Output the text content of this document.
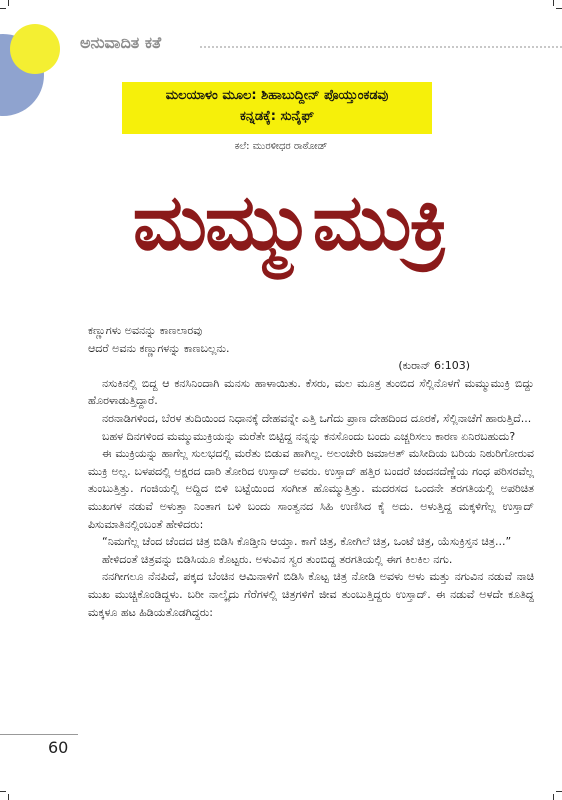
ಅನುವಾದಿತ ಕತೆ
ಮಲಯಾಳಂ ಮೂಲ: ಶಿಹಾಬುದ್ದೀನ್ ಪೊಯ್ತುಂಕಡವು
ಕನ್ನಡಕ್ಕೆ: ಸುನೈಫ್
ಕಲೆ: ಮುರಳೀಧರ ರಾಠೋಡ್
ಮಮ್ಮುಮುಕ್ರಿ

ಕಣ್ಣುಗಳು ಅವನನ್ನು ಕಾಣಲಾರವು

ಆದರೆ ಅವನು ಕಣ್ಣುಗಳನ್ನು ಕಾಣಬಲ್ಲನು.

(ಕುರಾನ್ 6:103)

ನಸುಕಿನಲ್ಲಿ ಬಿದ್ದ ಆ ಕನಸಿನಿಂದಾಗಿ ಮನಸು ಹಾಳಾಯಿತು. ಕೆಸರು, ಮಲ ಮೂತ್ರ ತುಂಬಿದ ಸೆಲ್ಲಿನೊಳಗೆ ಮಮ್ಮುಮುಕ್ರಿ ಬಿದ್ದು ಹೊರಳಾಡುತ್ತಿದ್ದಾರೆ.

ನರನಾಡಿಗಳಿಂದ, ಬೆರಳ ತುದಿಯಿಂದ ನಿಧಾನಕ್ಕೆ ದೇಹವನ್ನೇ ಎತ್ತಿ ಒಗೆದು ಪ್ರಾಣ ದೇಹದಿಂದ ದೂರಕೆ, ಸೆಲ್ಲಿನಾಚೆಗೆ ಹಾರುತ್ತಿದೆ...

ಬಹಳ ದಿನಗಳಿಂದ ಮಮ್ಮುಮುಕ್ರಿಯನ್ನು ಮರೆತೇ ಬಿಟ್ಟಿದ್ದ ನನ್ನನ್ನು ಕನಸೊಂದು ಬಂದು ಎಚ್ಚರಿಸಲು ಕಾರಣ ಏನಿರಬಹುದು?

ಈ ಮುಕ್ರಿಯನ್ನು ಹಾಗೆಲ್ಲ ಸುಲಭದಲ್ಲಿ ಮರೆತು ಬಿಡುವ ಹಾಗಿಲ್ಲ. ಅಲಂಚೇರಿ ಜಮಾಅತ್ ಮಸೀದಿಯ ಬರಿಯ ನಿಠುರಿಗೋರುವ ಮುಕ್ರಿ ಅಲ್ಲ. ಬಳಪದಲ್ಲಿ ಅಕ್ಷರದ ದಾರಿ ತೋರಿದ ಉಸ್ತಾದ್ ಅವರು. ಉಸ್ತಾದ್ ಹತ್ತಿರ ಬಂದರೆ ಚಂದನದೆಣ್ಣೆಯ ಗಂಧ ಪರಿಸರವೆಲ್ಲ ತುಂಬುತ್ತಿತ್ತು. ಗಂಜಿಯಲ್ಲಿ ಅದ್ದಿದ ಬಿಳಿ ಬಟ್ಟೆಯಿಂದ ಸಂಗೀತ ಹೊಮ್ಮುತ್ತಿತ್ತು. ಮದರಸದ ಒಂದನೇ ತರಗತಿಯಲ್ಲಿ ಅಪರಿಚಿತ ಮುಖಗಳ ನಡುವೆ ಅಳುತ್ತಾ ನಿಂತಾಗ ಬಳಿ ಬಂದು ಸಾಂತ್ವನದ ಸಿಹಿ ಉಣಿಸಿದ ಕೈ ಅದು. ಅಳುತ್ತಿದ್ದ ಮಕ್ಕಳಿಗೆಲ್ಲ ಉಸ್ತಾದ್ ಪಿಸುಮಾತಿನಲ್ಲಿಂಬಂತೆ ಹೇಳಿದರು:

“ನಿಮಗೆಲ್ಲ ಚೆಂದ ಚೆಂದದ ಚಿತ್ರ ಬಿಡಿಸಿ ಕೊಡ್ತೀನಿ ಆಯ್ತಾ. ಕಾಗೆ ಚಿತ್ರ, ಕೋಗಿಲೆ ಚಿತ್ರ, ಒಂಟೆ ಚಿತ್ರ, ಯೆಸುಕ್ರಿಸ್ತನ ಚಿತ್ರ...”

ಹೇಳಿದಂತೆ ಚಿತ್ರವನ್ನು ಬಿಡಿಸಿಯೂ ಕೊಟ್ಟರು. ಅಳುವಿನ ಸ್ವರ ತುಂಬಿದ್ದ ತರಗತಿಯಲ್ಲಿ ಈಗ ಕಿಲಕಿಲ ನಗು.

ನನಗೀಗಲೂ ನೆನಪಿದೆ, ಪಕ್ಕದ ಬೆಂಚಿನ ಆಮಿನಾಳಿಗೆ ಬಿಡಿಸಿ ಕೊಟ್ಟ ಚಿತ್ರ ನೋಡಿ ಅವಳು ಅಳು ಮತ್ತು ನಗುವಿನ ನಡುವೆ ನಾಚಿ ಮುಖ ಮುಚ್ಚಿಕೊಂಡಿದ್ದಳು. ಬರೀ ನಾಲ್ಕೈದು ಗೆರೆಗಳಲ್ಲಿ ಚಿತ್ರಗಳಿಗೆ ಜೀವ ತುಂಬುತ್ತಿದ್ದರು ಉಸ್ತಾದ್. ಈ ನಡುವೆ ಅಳದೇ ಕೂತಿದ್ದ ಮಕ್ಕಳೂ ಹಟ ಹಿಡಿಯತೊಡಗಿದ್ದರು:

60
